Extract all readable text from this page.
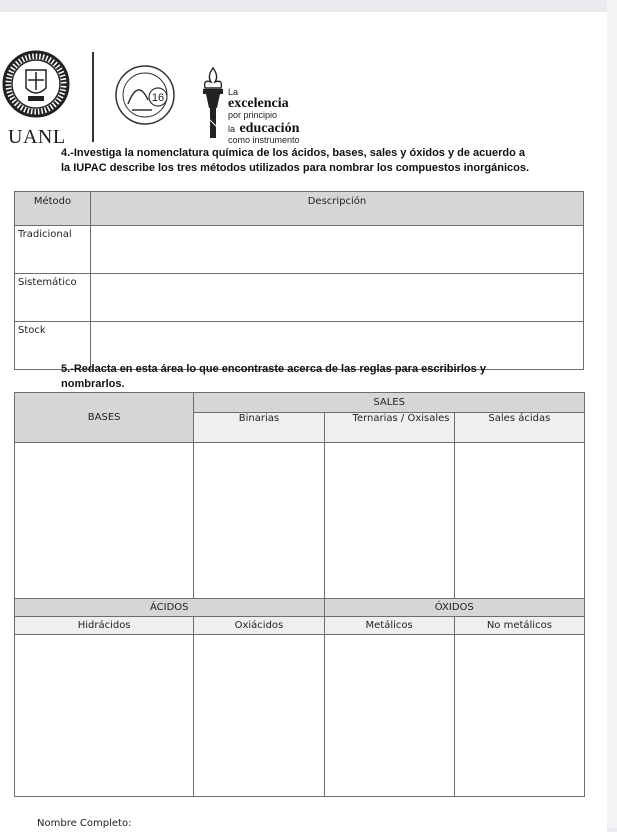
UANL
16	La
excelencia
por principio
la educación
como instrumento
4.-Investiga la nomenclatura química de los ácidos, bases, sales y óxidos y de acuerdo a la IUPAC describe los tres métodos utilizados para nombrar los compuestos inorgánicos.
Método	Descripción
Tradicional	
Sistemático	
Stock	
5.-Redacta en esta área lo que encontraste acerca de las reglas para escribirlos y nombrarlos.
BASES	SALES		
	Binarias	Ternarias / Oxisales	Sales ácidas

ÁCIDOS		ÓXIDOS	
Hidrácidos	Oxiácidos	Metálicos	No metálicos

Nombre Completo:
